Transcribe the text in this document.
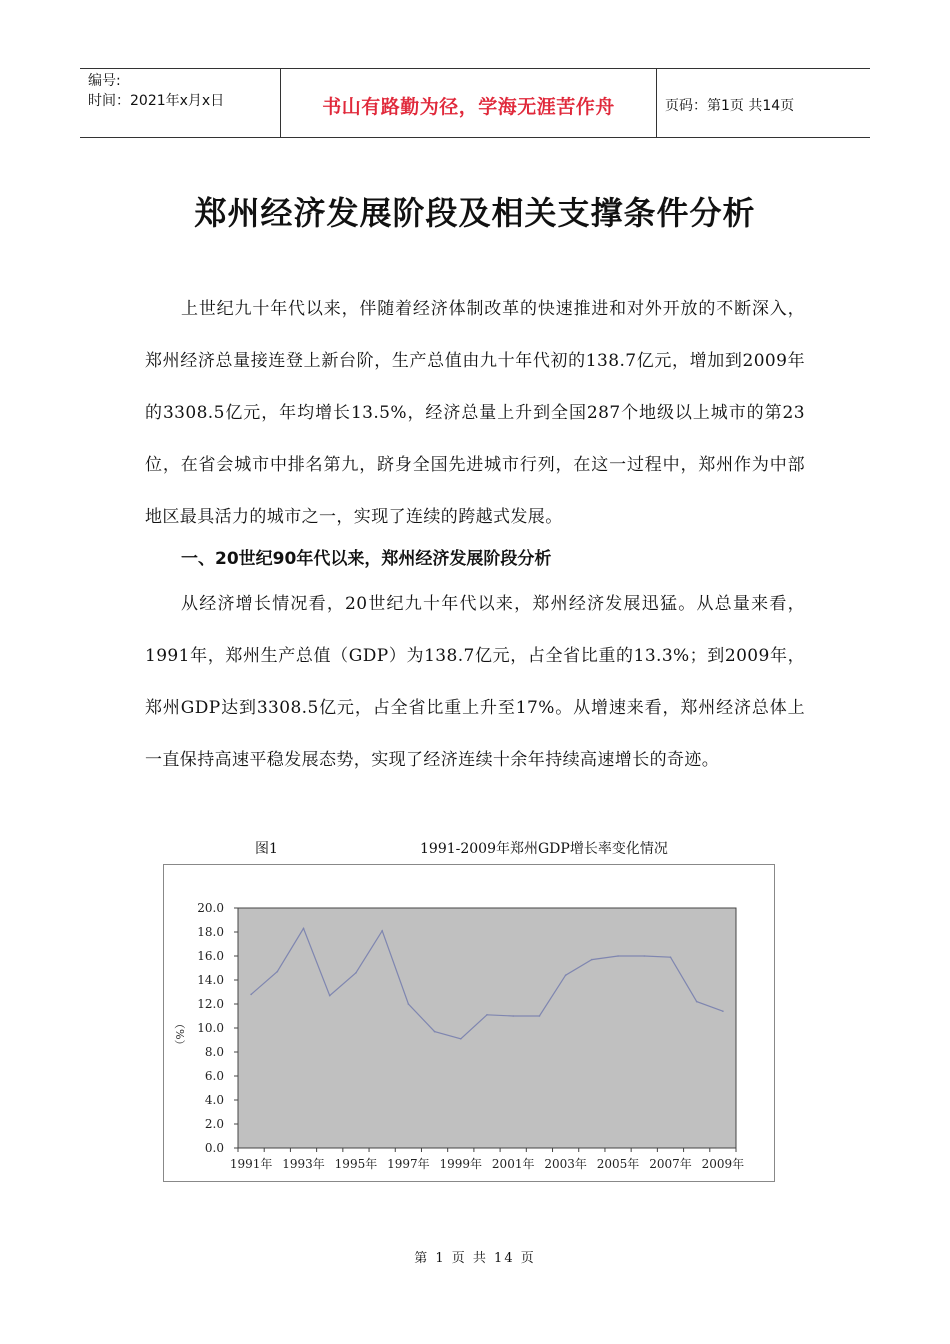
编号:
时间：2021年x月x日	书山有路勤为径，学海无涯苦作舟	页码：第1页 共14页
郑州经济发展阶段及相关支撑条件分析
上世纪九十年代以来，伴随着经济体制改革的快速推进和对外开放的不断深入，郑州经济总量接连登上新台阶，生产总值由九十年代初的138.7亿元，增加到2009年的3308.5亿元，年均增长13.5%，经济总量上升到全国287个地级以上城市的第23位，在省会城市中排名第九，跻身全国先进城市行列，在这一过程中，郑州作为中部地区最具活力的城市之一，实现了连续的跨越式发展。
一、20世纪90年代以来，郑州经济发展阶段分析
从经济增长情况看，20世纪九十年代以来，郑州经济发展迅猛。从总量来看，1991年，郑州生产总值（GDP）为138.7亿元，占全省比重的13.3%；到2009年，郑州GDP达到3308.5亿元，占全省比重上升至17%。从增速来看，郑州经济总体上一直保持高速平稳发展态势，实现了经济连续十余年持续高速增长的奇迹。
图1	1991-2009年郑州GDP增长率变化情况
0.0
2.0
4.0
6.0
8.0
10.0
12.0
14.0
16.0
18.0
20.0
1991年 1993年 1995年 1997年 1999年 2001年 2003年 2005年 2007年 2009年
（%）
第 1 页 共 14 页
